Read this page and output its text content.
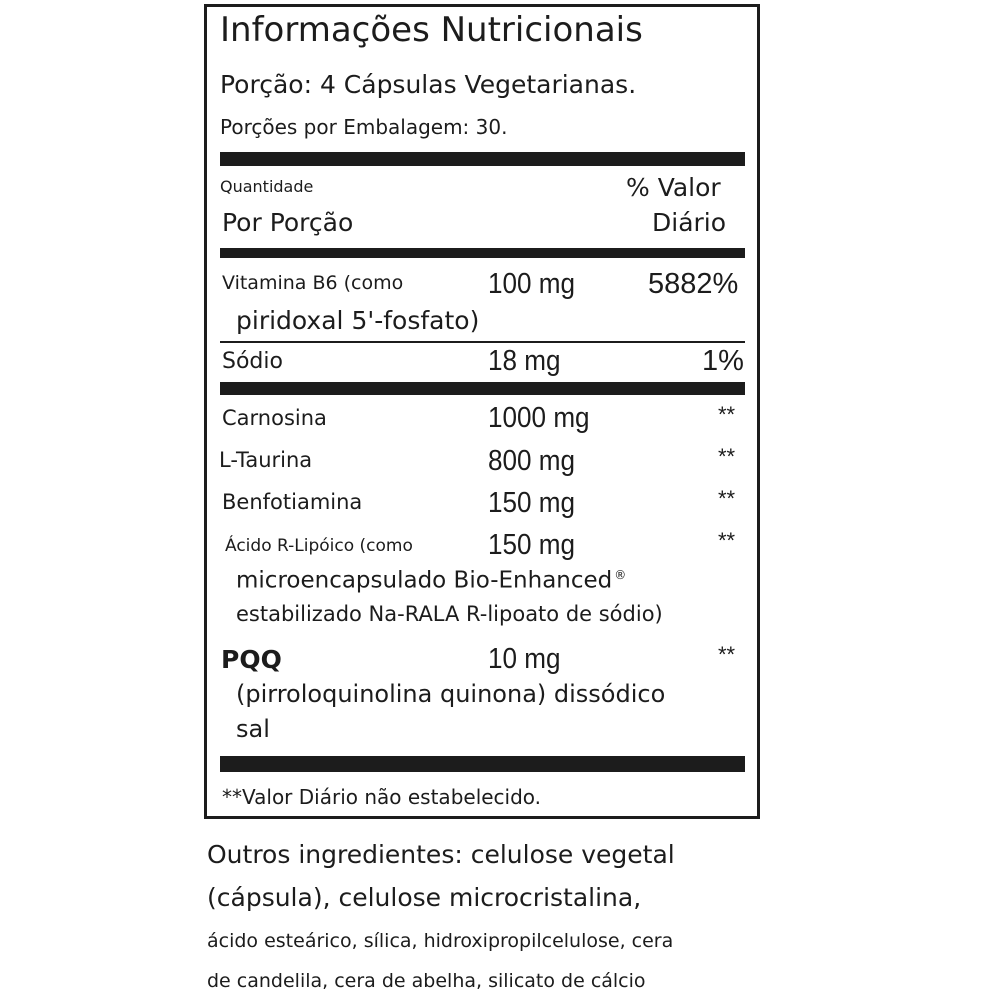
Informações Nutricionais
Porção: 4 Cápsulas Vegetarianas.
Porções por Embalagem: 30.
Quantidade
Por Porção
% Valor
Diário
Vitamina B6 (como
piridoxal 5'-fosfato)
100 mg	5882%
Sódio	18 mg	1%
Carnosina	1000 mg	**
L-Taurina	800 mg	**
Benfotiamina	150 mg	**
Ácido R-Lipóico (como	150 mg	**
microencapsulado Bio-Enhanced ®
estabilizado Na-RALA R-lipoato de sódio)
PQQ	10 mg	**
(pirroloquinolina quinona) dissódico
sal
**Valor Diário não estabelecido.
Outros ingredientes: celulose vegetal
(cápsula), celulose microcristalina,
ácido esteárico, sílica, hidroxipropilcelulose, cera
de candelila, cera de abelha, silicato de cálcio
